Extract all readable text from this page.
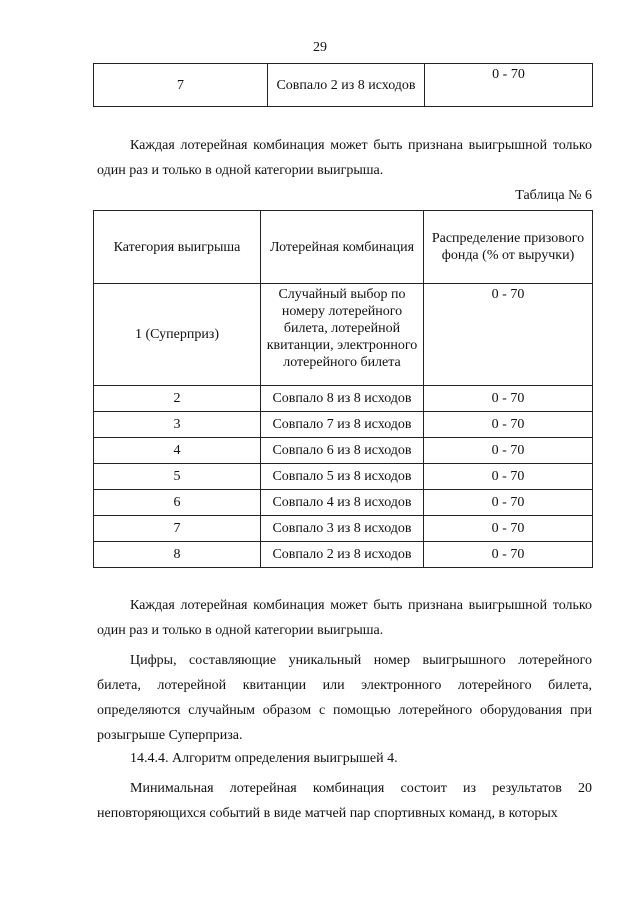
29
7	Совпало 2 из 8 исходов	0 - 70

Каждая лотерейная комбинация может быть признана выигрышной только один раз и только в одной категории выигрыша.

Таблица № 6
Категория выигрыша	Лотерейная комбинация	Распределение призового фонда (% от выручки)
1 (Суперприз)	Случайный выбор по номеру лотерейного билета, лотерейной квитанции, электронного лотерейного билета	0 - 70
2	Совпало 8 из 8 исходов	0 - 70
3	Совпало 7 из 8 исходов	0 - 70
4	Совпало 6 из 8 исходов	0 - 70
5	Совпало 5 из 8 исходов	0 - 70
6	Совпало 4 из 8 исходов	0 - 70
7	Совпало 3 из 8 исходов	0 - 70
8	Совпало 2 из 8 исходов	0 - 70

Каждая лотерейная комбинация может быть признана выигрышной только один раз и только в одной категории выигрыша.

Цифры, составляющие уникальный номер выигрышного лотерейного билета, лотерейной квитанции или электронного лотерейного билета, определяются случайным образом с помощью лотерейного оборудования при розыгрыше Суперприза.

14.4.4. Алгоритм определения выигрышей 4.

Минимальная лотерейная комбинация состоит из результатов 20 неповторяющихся событий в виде матчей пар спортивных команд, в которых
